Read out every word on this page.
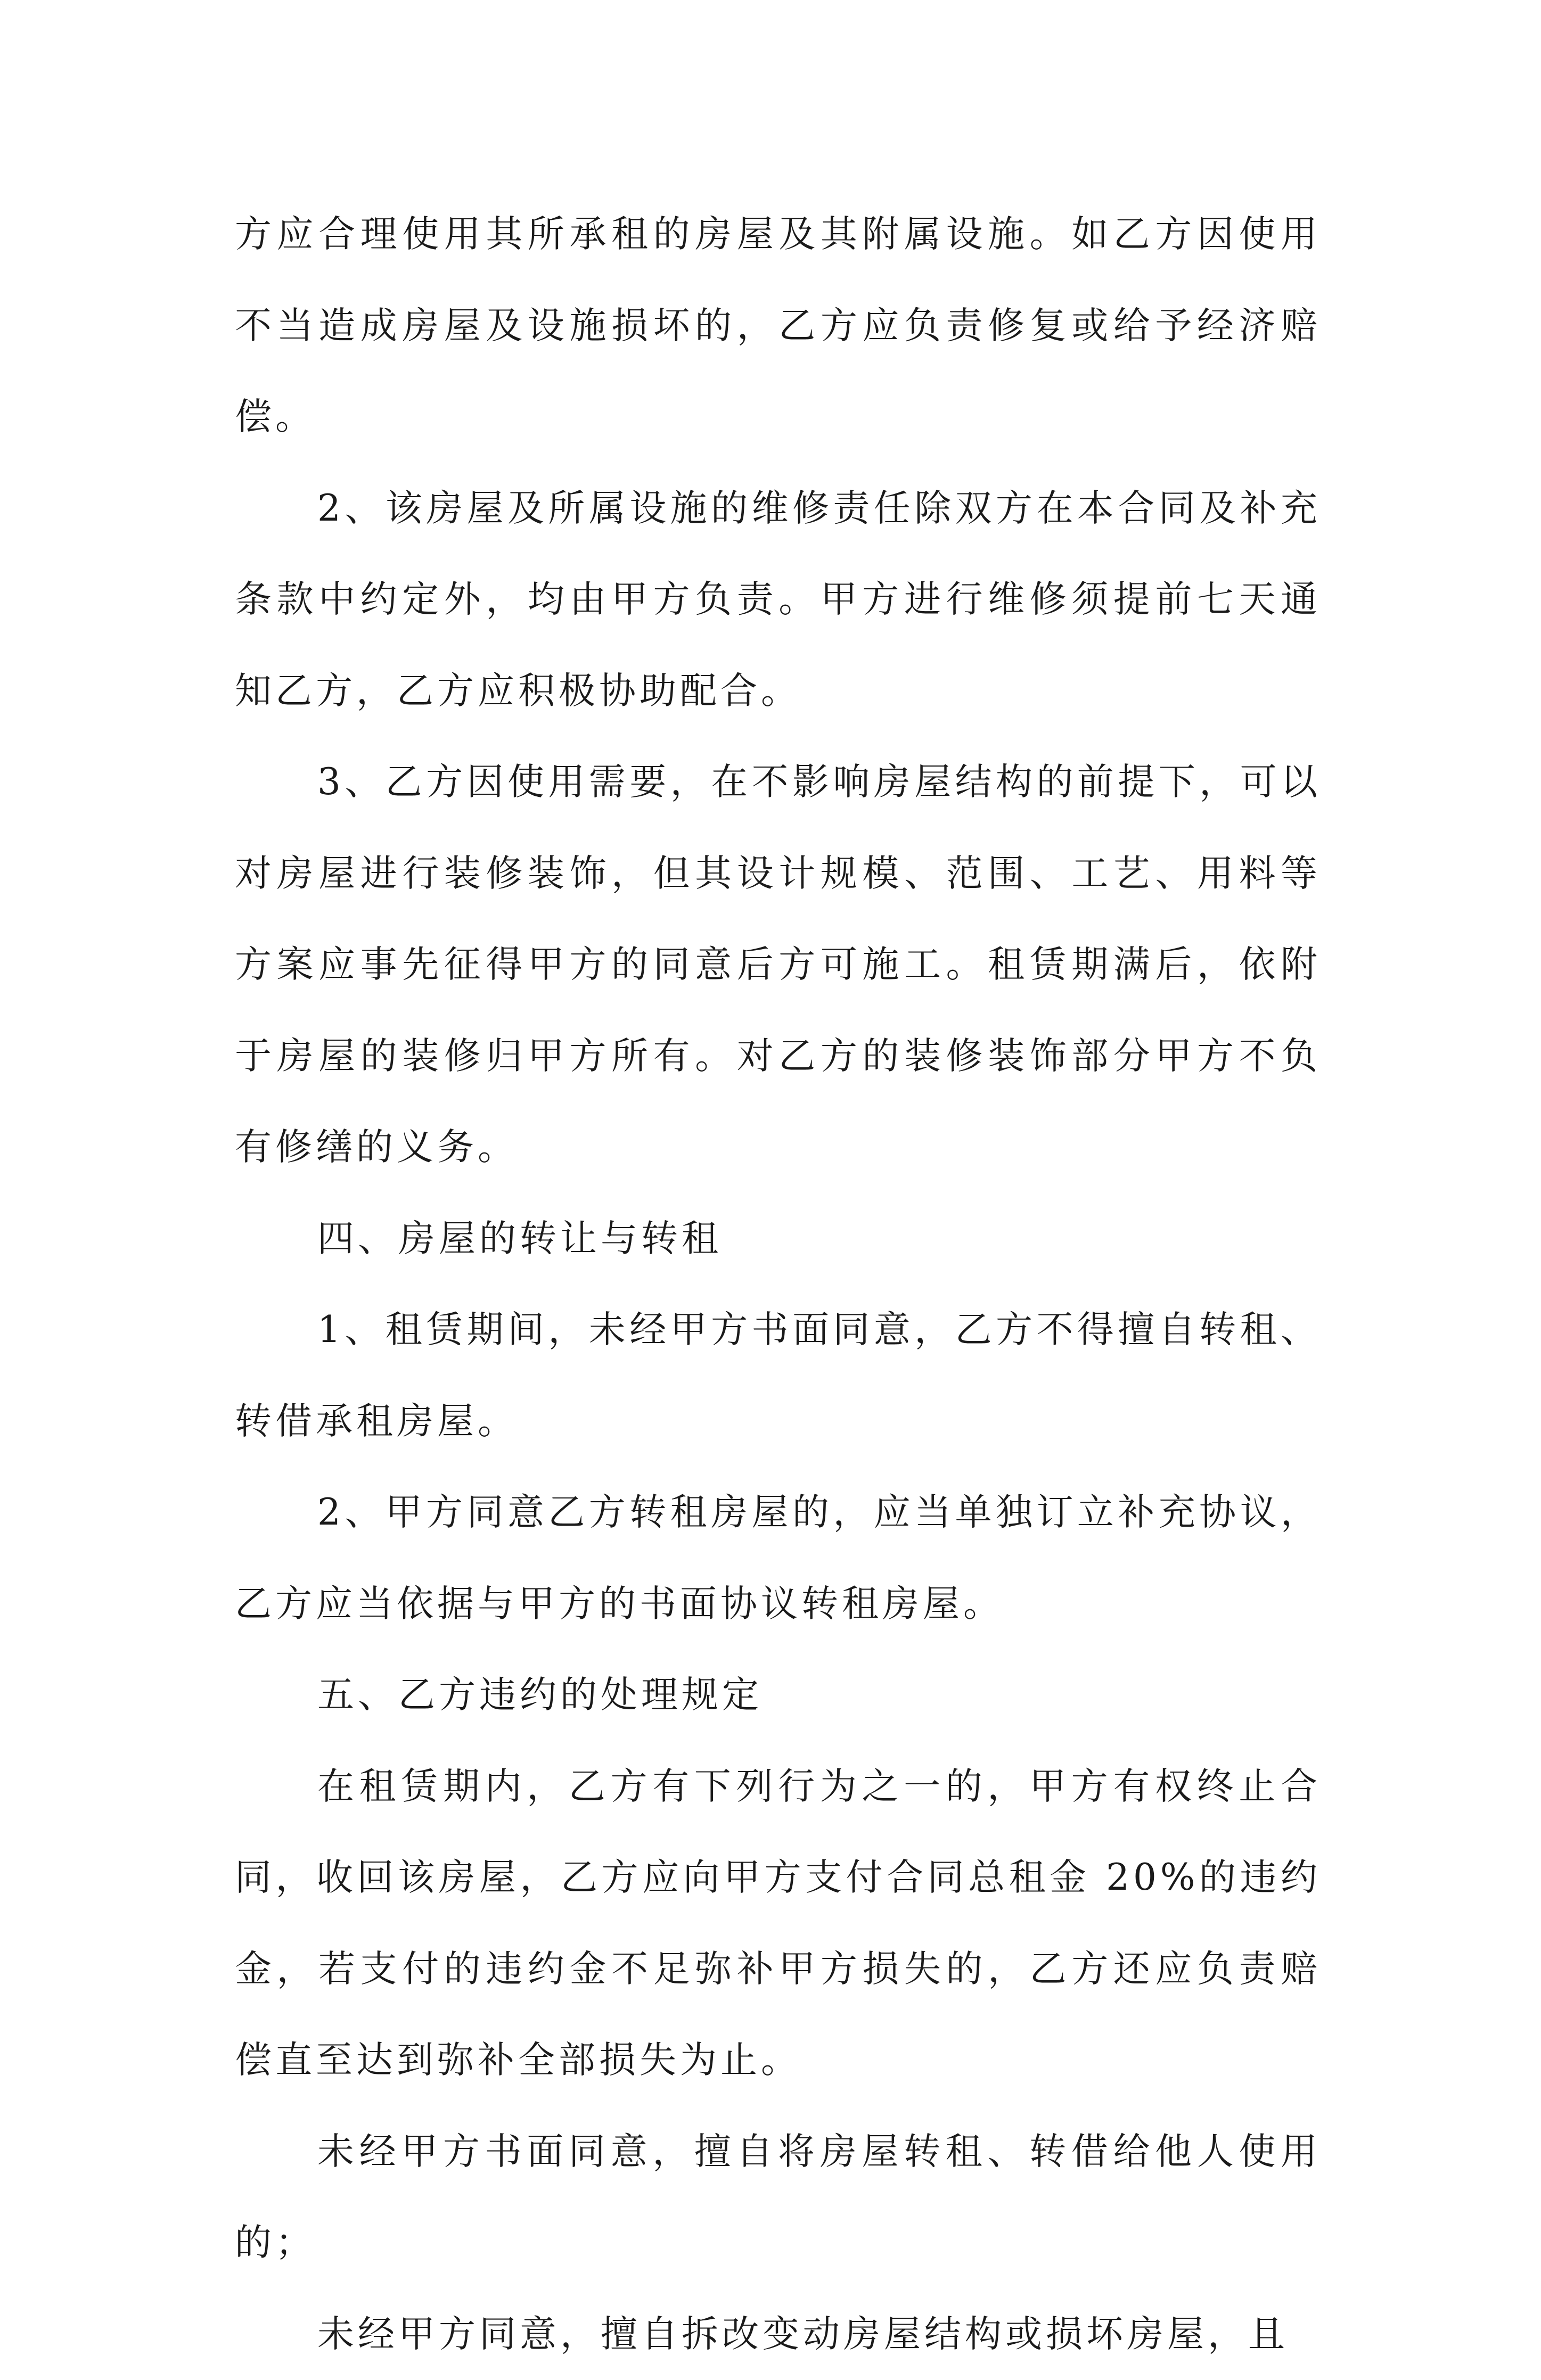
方应合理使用其所承租的房屋及其附属设施。如乙方因使用不当造成房屋及设施损坏的，乙方应负责修复或给予经济赔偿。

2、该房屋及所属设施的维修责任除双方在本合同及补充条款中约定外，均由甲方负责。甲方进行维修须提前七天通知乙方，乙方应积极协助配合。

3、乙方因使用需要，在不影响房屋结构的前提下，可以对房屋进行装修装饰，但其设计规模、范围、工艺、用料等方案应事先征得甲方的同意后方可施工。租赁期满后，依附于房屋的装修归甲方所有。对乙方的装修装饰部分甲方不负有修缮的义务。

四、房屋的转让与转租

1、租赁期间，未经甲方书面同意，乙方不得擅自转租、转借承租房屋。

2、甲方同意乙方转租房屋的，应当单独订立补充协议，乙方应当依据与甲方的书面协议转租房屋。

五、乙方违约的处理规定

在租赁期内，乙方有下列行为之一的，甲方有权终止合同，收回该房屋，乙方应向甲方支付合同总租金 20%的违约金，若支付的违约金不足弥补甲方损失的，乙方还应负责赔偿直至达到弥补全部损失为止。

未经甲方书面同意，擅自将房屋转租、转借给他人使用的；

未经甲方同意，擅自拆改变动房屋结构或损坏房屋，且
